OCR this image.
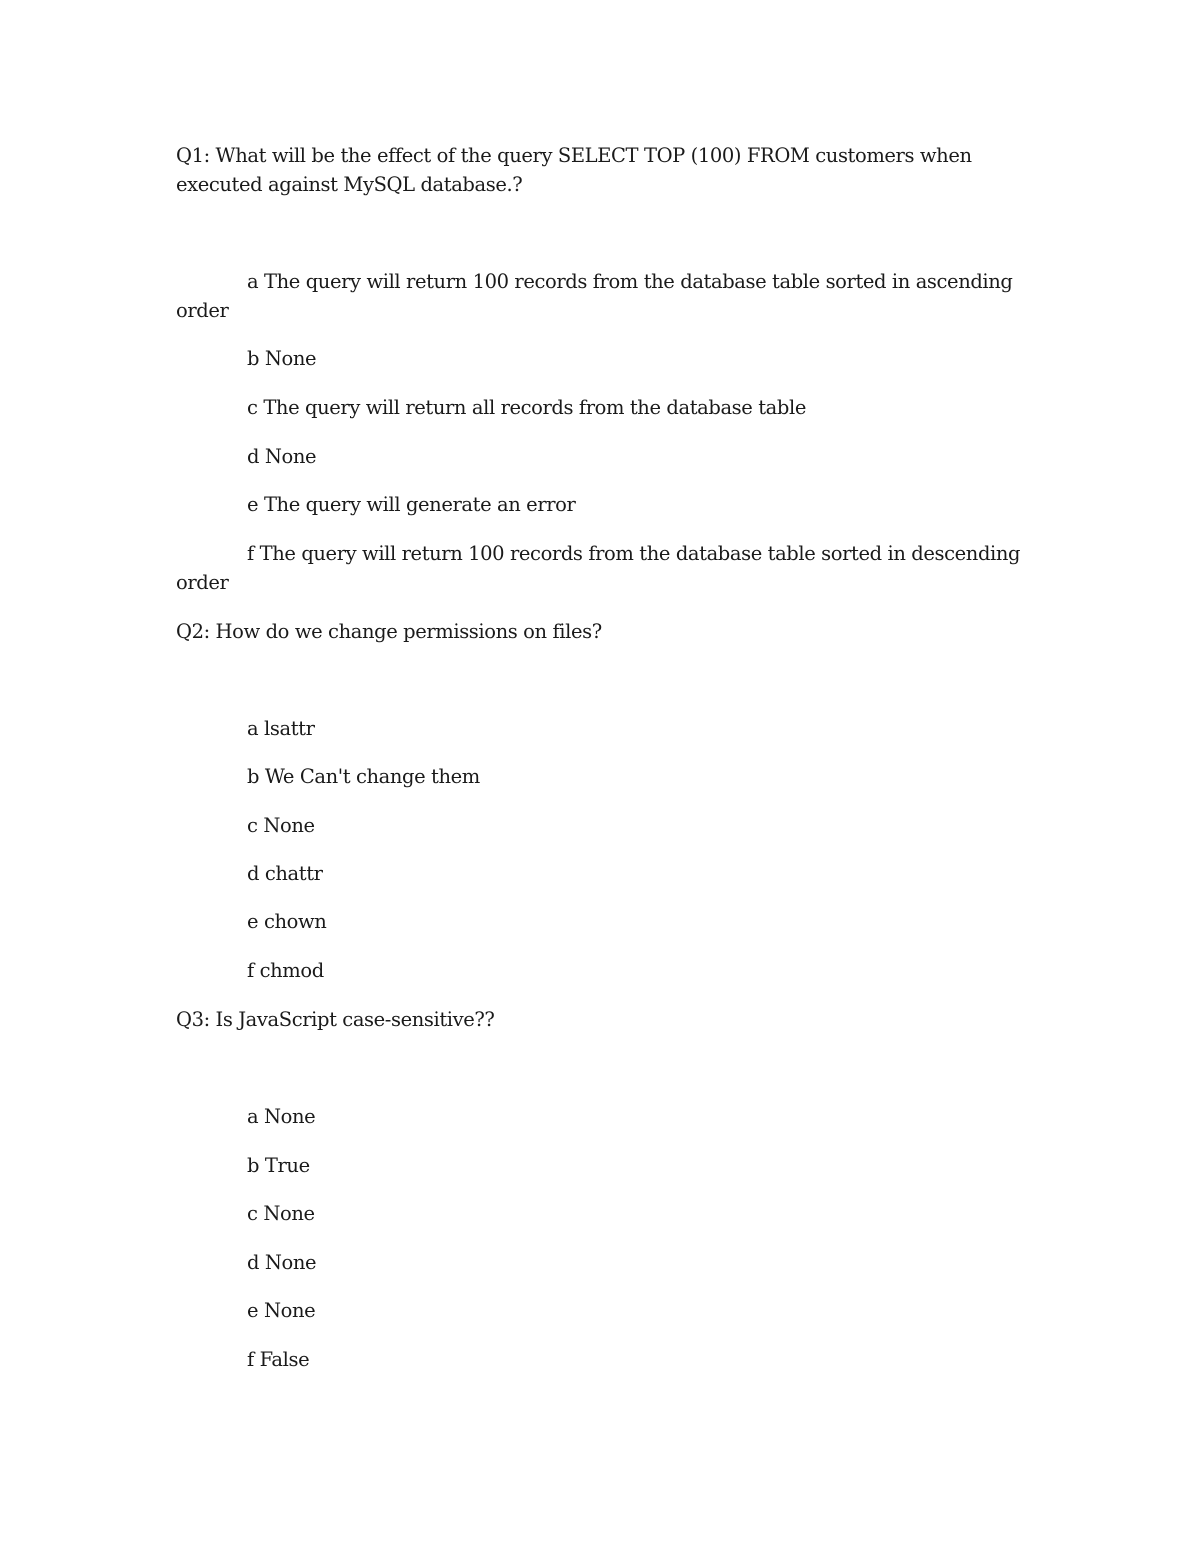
Q1: What will be the effect of the query SELECT TOP (100) FROM customers when executed against MySQL database.?

a The query will return 100 records from the database table sorted in ascending order

b None

c The query will return all records from the database table

d None

e The query will generate an error

f The query will return 100 records from the database table sorted in descending order

Q2: How do we change permissions on files?

a lsattr

b We Can't change them

c None

d chattr

e chown

f chmod

Q3: Is JavaScript case-sensitive??

a None

b True

c None

d None

e None

f False
